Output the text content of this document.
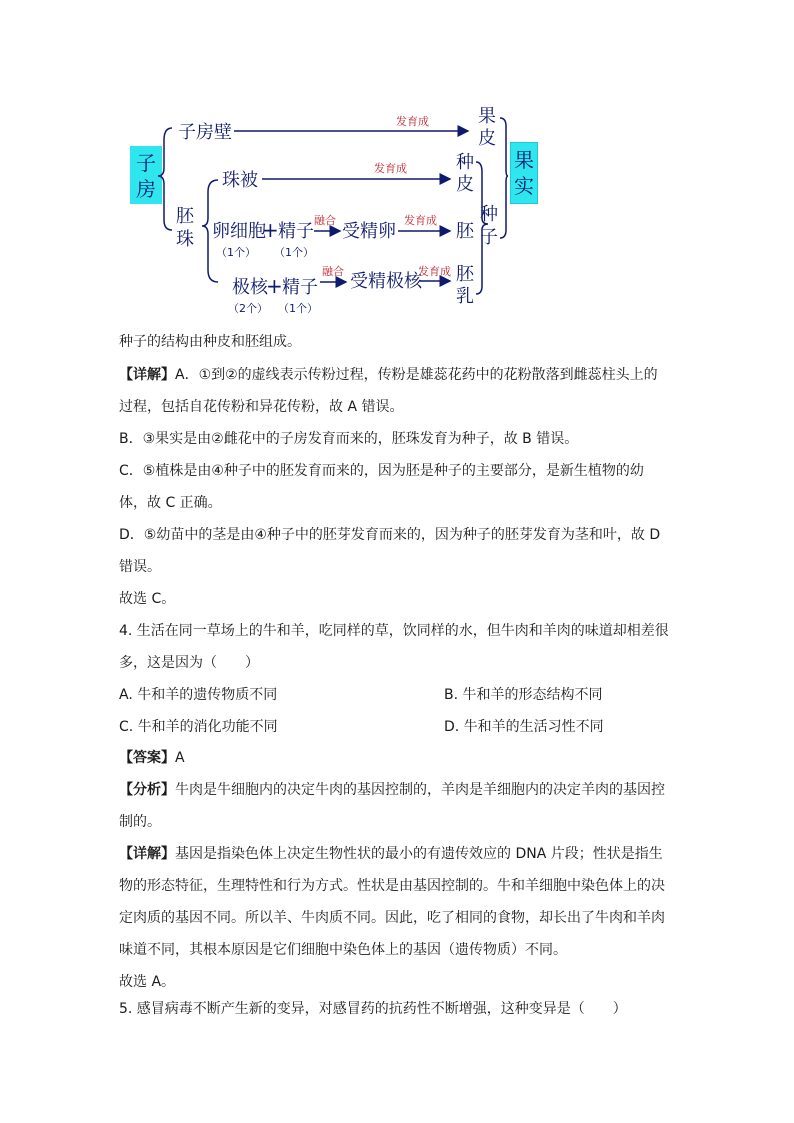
子
房
子房壁
发育成
胚
珠
珠被
发育成
卵细胞
+ 精子
（1个） （1个）
融合
受精卵
发育成
极核
+ 精子
（2个） （1个）
融合 受精极核
发育成
果
皮
种
皮
胚
胚
乳
种
子
果
实
种子的结构由种皮和胚组成。
【详解】A．①到②的虚线表示传粉过程，传粉是雄蕊花药中的花粉散落到雌蕊柱头上的
过程，包括自花传粉和异花传粉，故 A 错误。
B．③果实是由②雌花中的子房发育而来的，胚珠发育为种子，故 B 错误。
C．⑤植株是由④种子中的胚发育而来的，因为胚是种子的主要部分，是新生植物的幼
体，故 C 正确。
D．⑤幼苗中的茎是由④种子中的胚芽发育而来的，因为种子的胚芽发育为茎和叶，故 D
错误。
故选 C。
4. 生活在同一草场上的牛和羊，吃同样的草，饮同样的水，但牛肉和羊肉的味道却相差很
多，这是因为（　　）
A. 牛和羊的遗传物质不同	B. 牛和羊的形态结构不同
C. 牛和羊的消化功能不同	D. 牛和羊的生活习性不同
【答案】A
【分析】牛肉是牛细胞内的决定牛肉的基因控制的，羊肉是羊细胞内的决定羊肉的基因控
制的。
【详解】基因是指染色体上决定生物性状的最小的有遗传效应的 DNA 片段；性状是指生
物的形态特征，生理特性和行为方式。性状是由基因控制的。牛和羊细胞中染色体上的决
定肉质的基因不同。所以羊、牛肉质不同。因此，吃了相同的食物，却长出了牛肉和羊肉
味道不同，其根本原因是它们细胞中染色体上的基因（遗传物质）不同。
故选 A。
5. 感冒病毒不断产生新的变异，对感冒药的抗药性不断增强，这种变异是（　　）
